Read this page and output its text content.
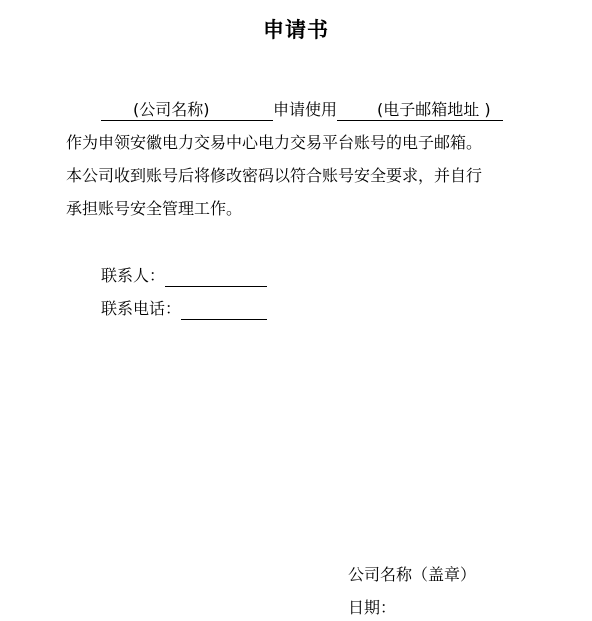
申请书
(公司名称)	申请使用	(电子邮箱地址 )
作为申领安徽电力交易中心电力交易平台账号的电子邮箱。
本公司收到账号后将修改密码以符合账号安全要求，并自行
承担账号安全管理工作。
联系人：
联系电话：
公司名称（盖章）
日期：
